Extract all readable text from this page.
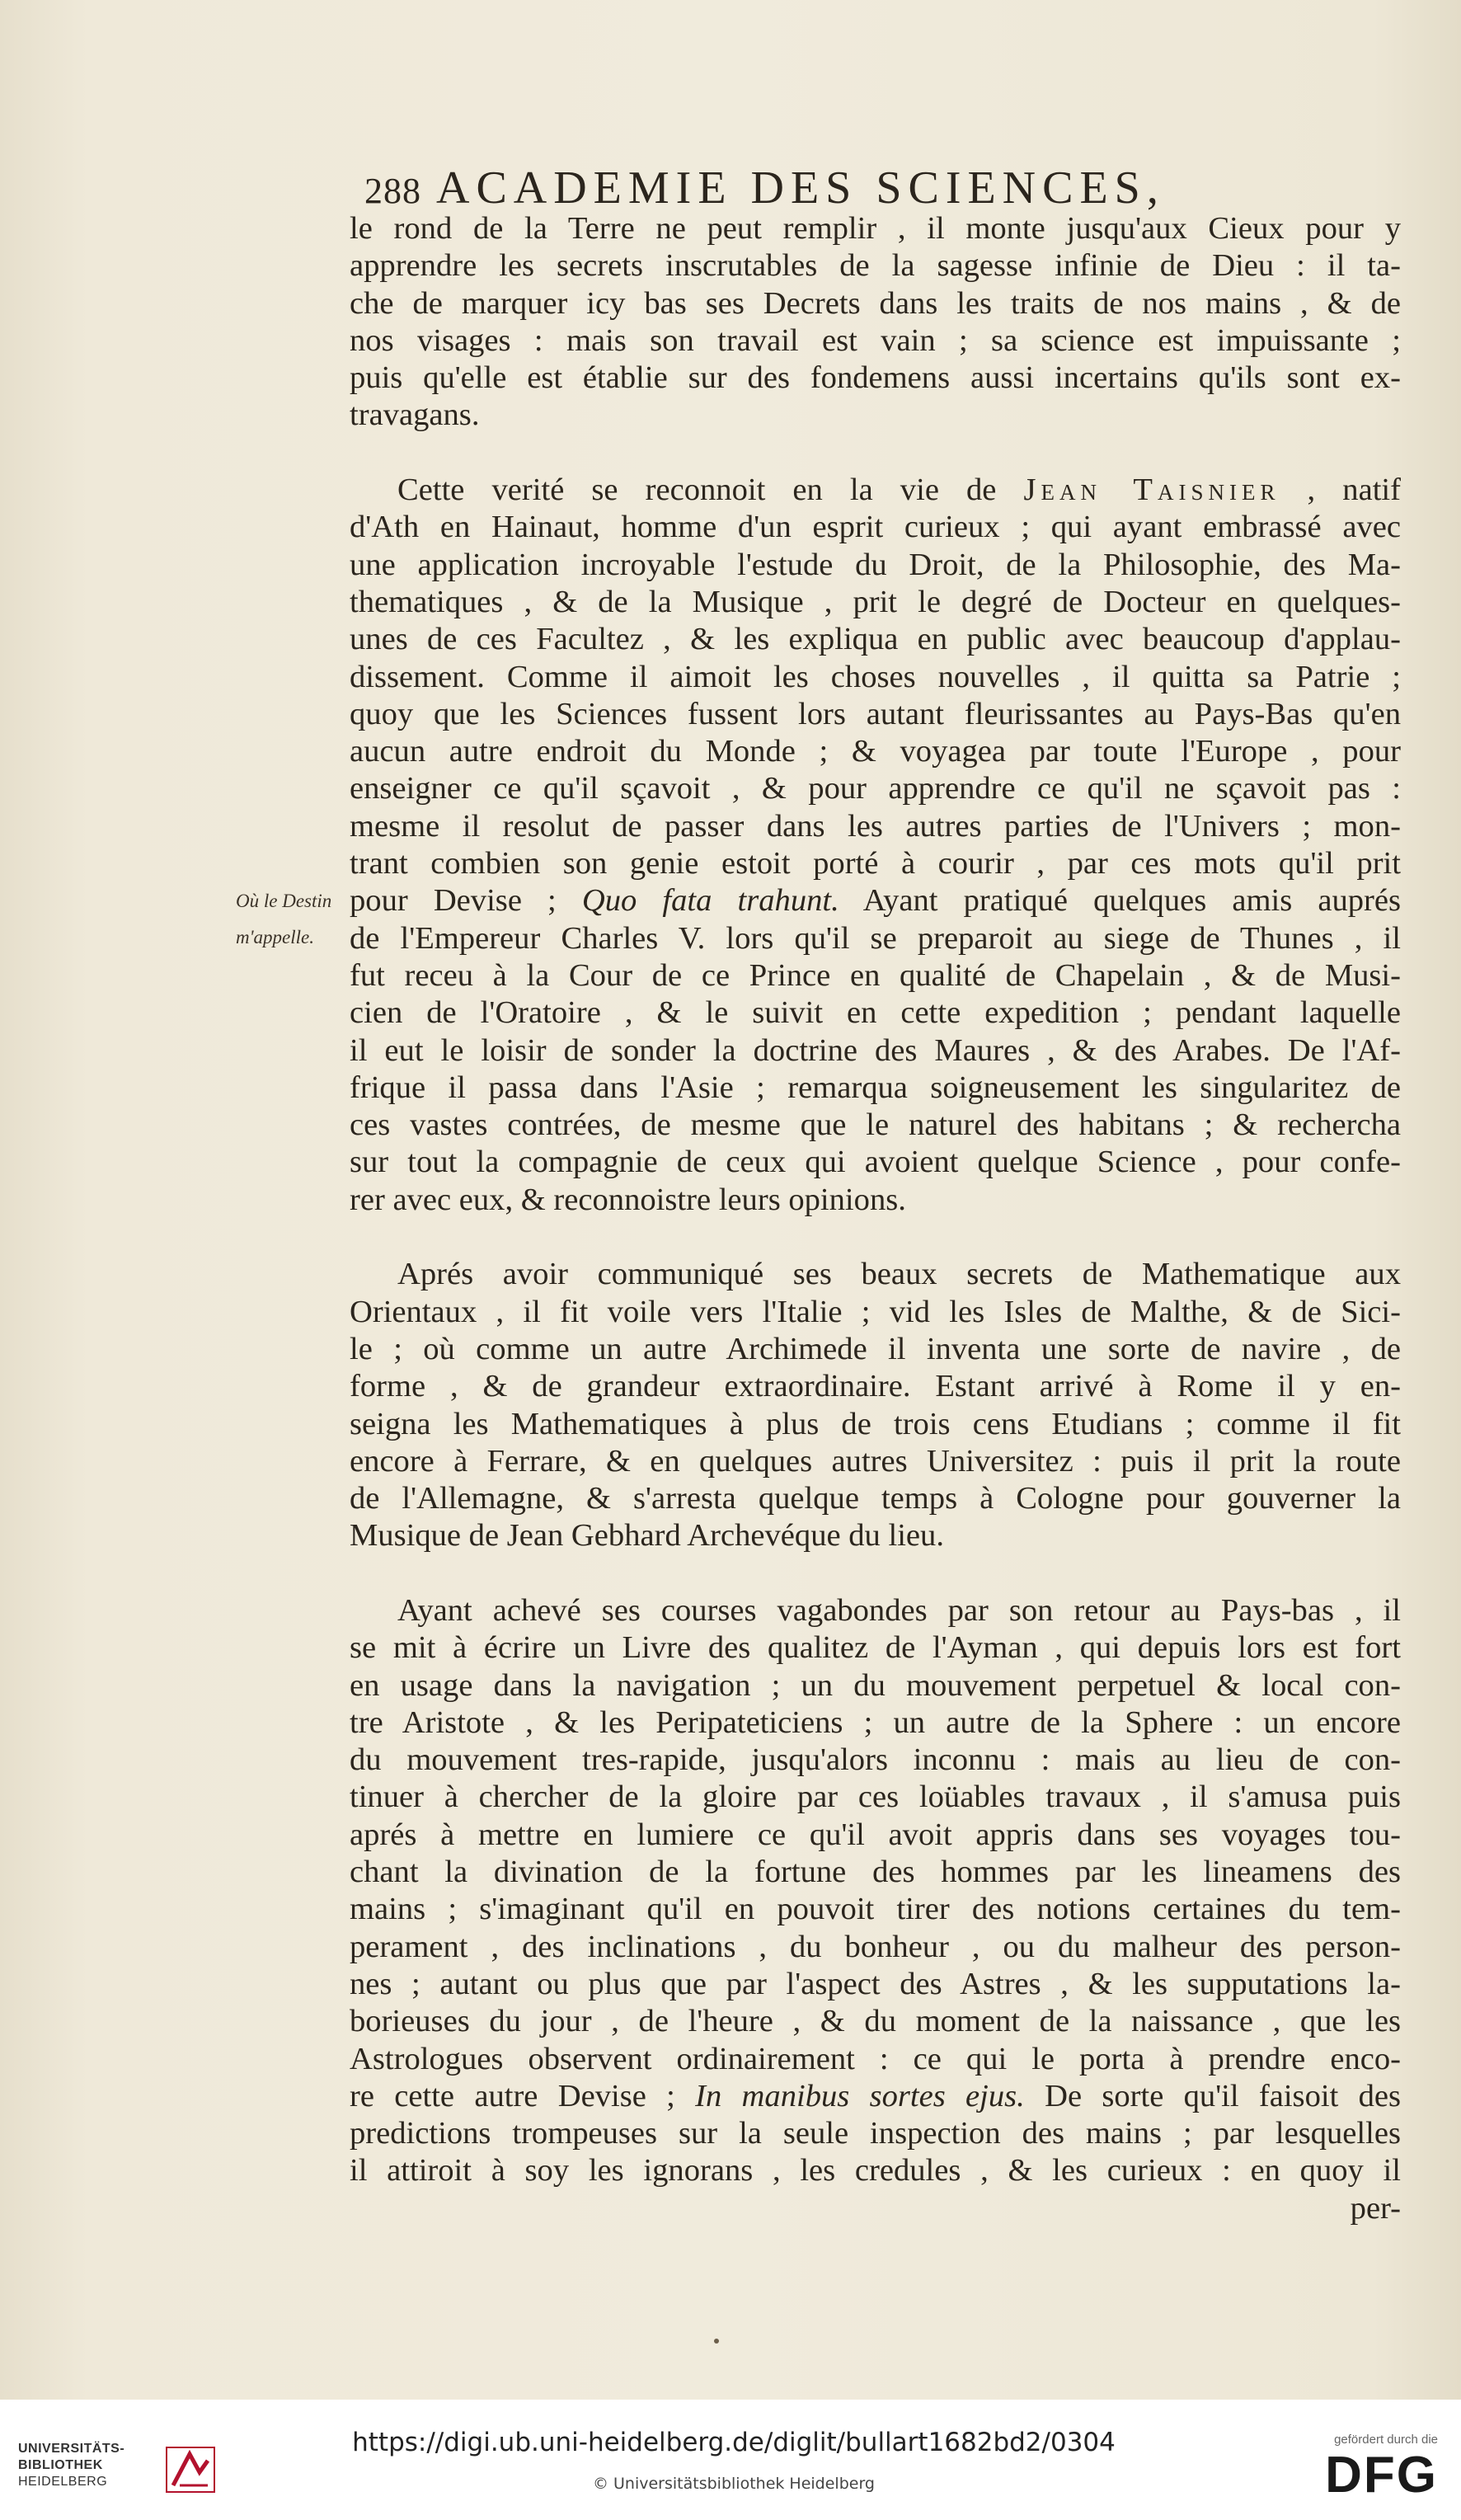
288 ACADEMIE DES SCIENCES,
Où le Destin
m'appelle.
le rond de la Terre ne peut remplir , il monte jusqu'aux Cieux pour y
apprendre les secrets inscrutables de la sagesse infinie de Dieu : il ta-
che de marquer icy bas ses Decrets dans les traits de nos mains , & de
nos visages : mais son travail est vain ; sa science est impuissante ;
puis qu'elle est établie sur des fondemens aussi incertains qu'ils sont ex-
travagans.
Cette verité se reconnoit en la vie de Jean Taisnier , natif
d'Ath en Hainaut, homme d'un esprit curieux ; qui ayant embrassé avec
une application incroyable l'estude du Droit, de la Philosophie, des Ma-
thematiques , & de la Musique , prit le degré de Docteur en quelques-
unes de ces Facultez , & les expliqua en public avec beaucoup d'applau-
dissement. Comme il aimoit les choses nouvelles , il quitta sa Patrie ;
quoy que les Sciences fussent lors autant fleurissantes au Pays-Bas qu'en
aucun autre endroit du Monde ; & voyagea par toute l'Europe , pour
enseigner ce qu'il sçavoit , & pour apprendre ce qu'il ne sçavoit pas :
mesme il resolut de passer dans les autres parties de l'Univers ; mon-
trant combien son genie estoit porté à courir , par ces mots qu'il prit
pour Devise ; Quo fata trahunt. Ayant pratiqué quelques amis auprés
de l'Empereur Charles V. lors qu'il se preparoit au siege de Thunes , il
fut receu à la Cour de ce Prince en qualité de Chapelain , & de Musi-
cien de l'Oratoire , & le suivit en cette expedition ; pendant laquelle
il eut le loisir de sonder la doctrine des Maures , & des Arabes. De l'Af-
frique il passa dans l'Asie ; remarqua soigneusement les singularitez de
ces vastes contrées, de mesme que le naturel des habitans ; & rechercha
sur tout la compagnie de ceux qui avoient quelque Science , pour confe-
rer avec eux, & reconnoistre leurs opinions.
Aprés avoir communiqué ses beaux secrets de Mathematique aux
Orientaux , il fit voile vers l'Italie ; vid les Isles de Malthe, & de Sici-
le ; où comme un autre Archimede il inventa une sorte de navire , de
forme , & de grandeur extraordinaire. Estant arrivé à Rome il y en-
seigna les Mathematiques à plus de trois cens Etudians ; comme il fit
encore à Ferrare, & en quelques autres Universitez : puis il prit la route
de l'Allemagne, & s'arresta quelque temps à Cologne pour gouverner la
Musique de Jean Gebhard Archevéque du lieu.
Ayant achevé ses courses vagabondes par son retour au Pays-bas , il
se mit à écrire un Livre des qualitez de l'Ayman , qui depuis lors est fort
en usage dans la navigation ; un du mouvement perpetuel & local con-
tre Aristote , & les Peripateticiens ; un autre de la Sphere : un encore
du mouvement tres-rapide, jusqu'alors inconnu : mais au lieu de con-
tinuer à chercher de la gloire par ces loüables travaux , il s'amusa puis
aprés à mettre en lumiere ce qu'il avoit appris dans ses voyages tou-
chant la divination de la fortune des hommes par les lineamens des
mains ; s'imaginant qu'il en pouvoit tirer des notions certaines du tem-
perament , des inclinations , du bonheur , ou du malheur des person-
nes ; autant ou plus que par l'aspect des Astres , & les supputations la-
borieuses du jour , de l'heure , & du moment de la naissance , que les
Astrologues observent ordinairement : ce qui le porta à prendre enco-
re cette autre Devise ; In manibus sortes ejus. De sorte qu'il faisoit des
predictions trompeuses sur la seule inspection des mains ; par lesquelles
il attiroit à soy les ignorans , les credules , & les curieux : en quoy il
per-
UNIVERSITÄTS-
BIBLIOTHEK
HEIDELBERG
https://digi.ub.uni-heidelberg.de/diglit/bullart1682bd2/0304
© Universitätsbibliothek Heidelberg
gefördert durch die
DFG
